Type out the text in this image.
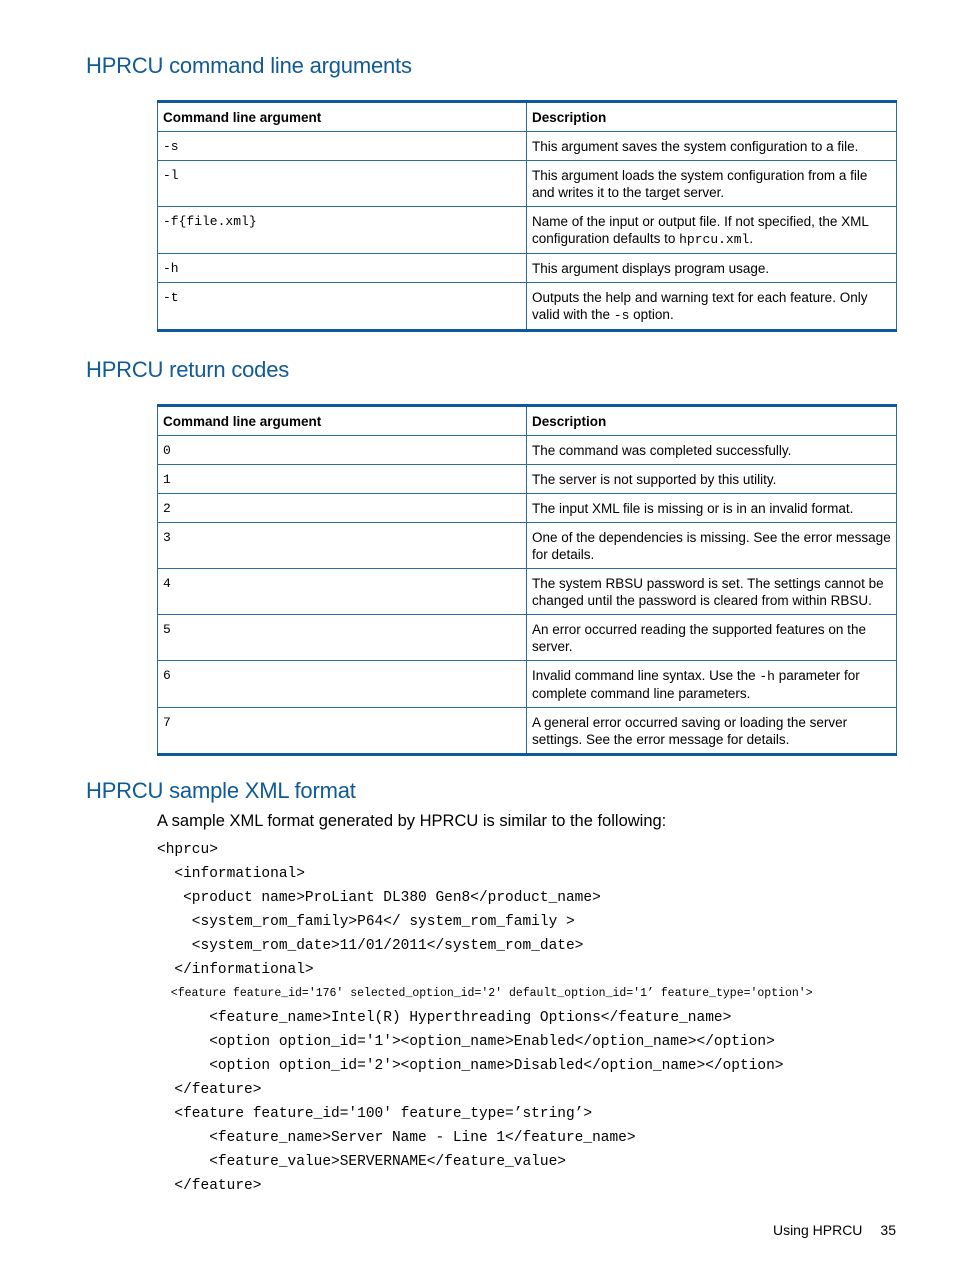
HPRCU command line arguments
Command line argument	Description
-s	This argument saves the system configuration to a file.
-l	This argument loads the system configuration from a file and writes it to the target server.
-f{file.xml}	Name of the input or output file. If not specified, the XML configuration defaults to hprcu.xml.
-h	This argument displays program usage.
-t	Outputs the help and warning text for each feature. Only valid with the -s option.
HPRCU return codes
Command line argument	Description
0	The command was completed successfully.
1	The server is not supported by this utility.
2	The input XML file is missing or is in an invalid format.
3	One of the dependencies is missing. See the error message for details.
4	The system RBSU password is set. The settings cannot be changed until the password is cleared from within RBSU.
5	An error occurred reading the supported features on the server.
6	Invalid command line syntax. Use the -h parameter for complete command line parameters.
7	A general error occurred saving or loading the server settings. See the error message for details.
HPRCU sample XML format

A sample XML format generated by HPRCU is similar to the following:

<hprcu>
<informational>
<product name>ProLiant DL380 Gen8</product_name>
<system_rom_family>P64</ system_rom_family >
<system_rom_date>11/01/2011</system_rom_date>
</informational>
<feature feature_id='176' selected_option_id='2' default_option_id='1’ feature_type='option'>
<feature_name>Intel(R) Hyperthreading Options</feature_name>
<option option_id='1'><option_name>Enabled</option_name></option>
<option option_id='2'><option_name>Disabled</option_name></option>
</feature>
<feature feature_id='100' feature_type=’string’>
<feature_name>Server Name - Line 1</feature_name>
<feature_value>SERVERNAME</feature_value>
</feature>
Using HPRCU 35
